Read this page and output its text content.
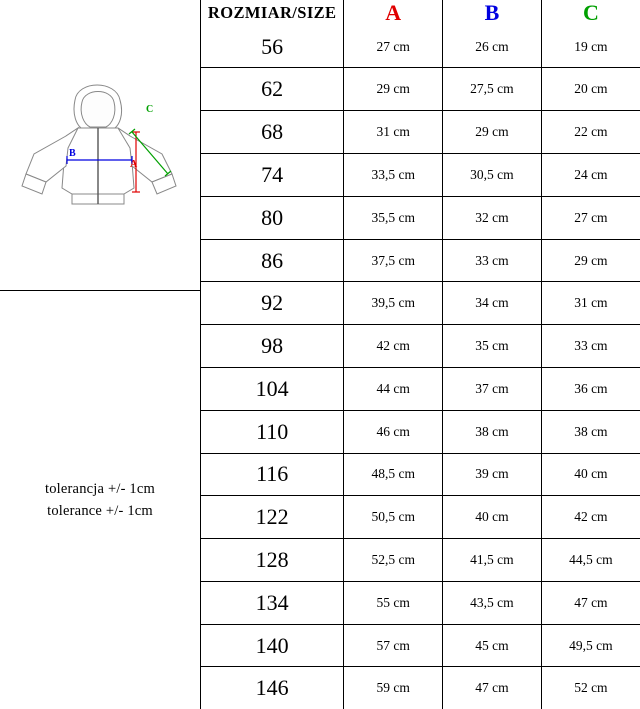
A
B
C
tolerancja +/- 1cm
tolerance +/- 1cm
ROZMIAR/SIZE	A	B	C
56	27 cm	26 cm	19 cm
62	29 cm	27,5 cm	20 cm
68	31 cm	29 cm	22 cm
74	33,5 cm	30,5 cm	24 cm
80	35,5 cm	32 cm	27 cm
86	37,5 cm	33 cm	29 cm
92	39,5 cm	34 cm	31 cm
98	42 cm	35 cm	33 cm
104	44 cm	37 cm	36 cm
110	46 cm	38 cm	38 cm
116	48,5 cm	39 cm	40 cm
122	50,5 cm	40 cm	42 cm
128	52,5 cm	41,5 cm	44,5 cm
134	55 cm	43,5 cm	47 cm
140	57 cm	45 cm	49,5 cm
146	59 cm	47 cm	52 cm
